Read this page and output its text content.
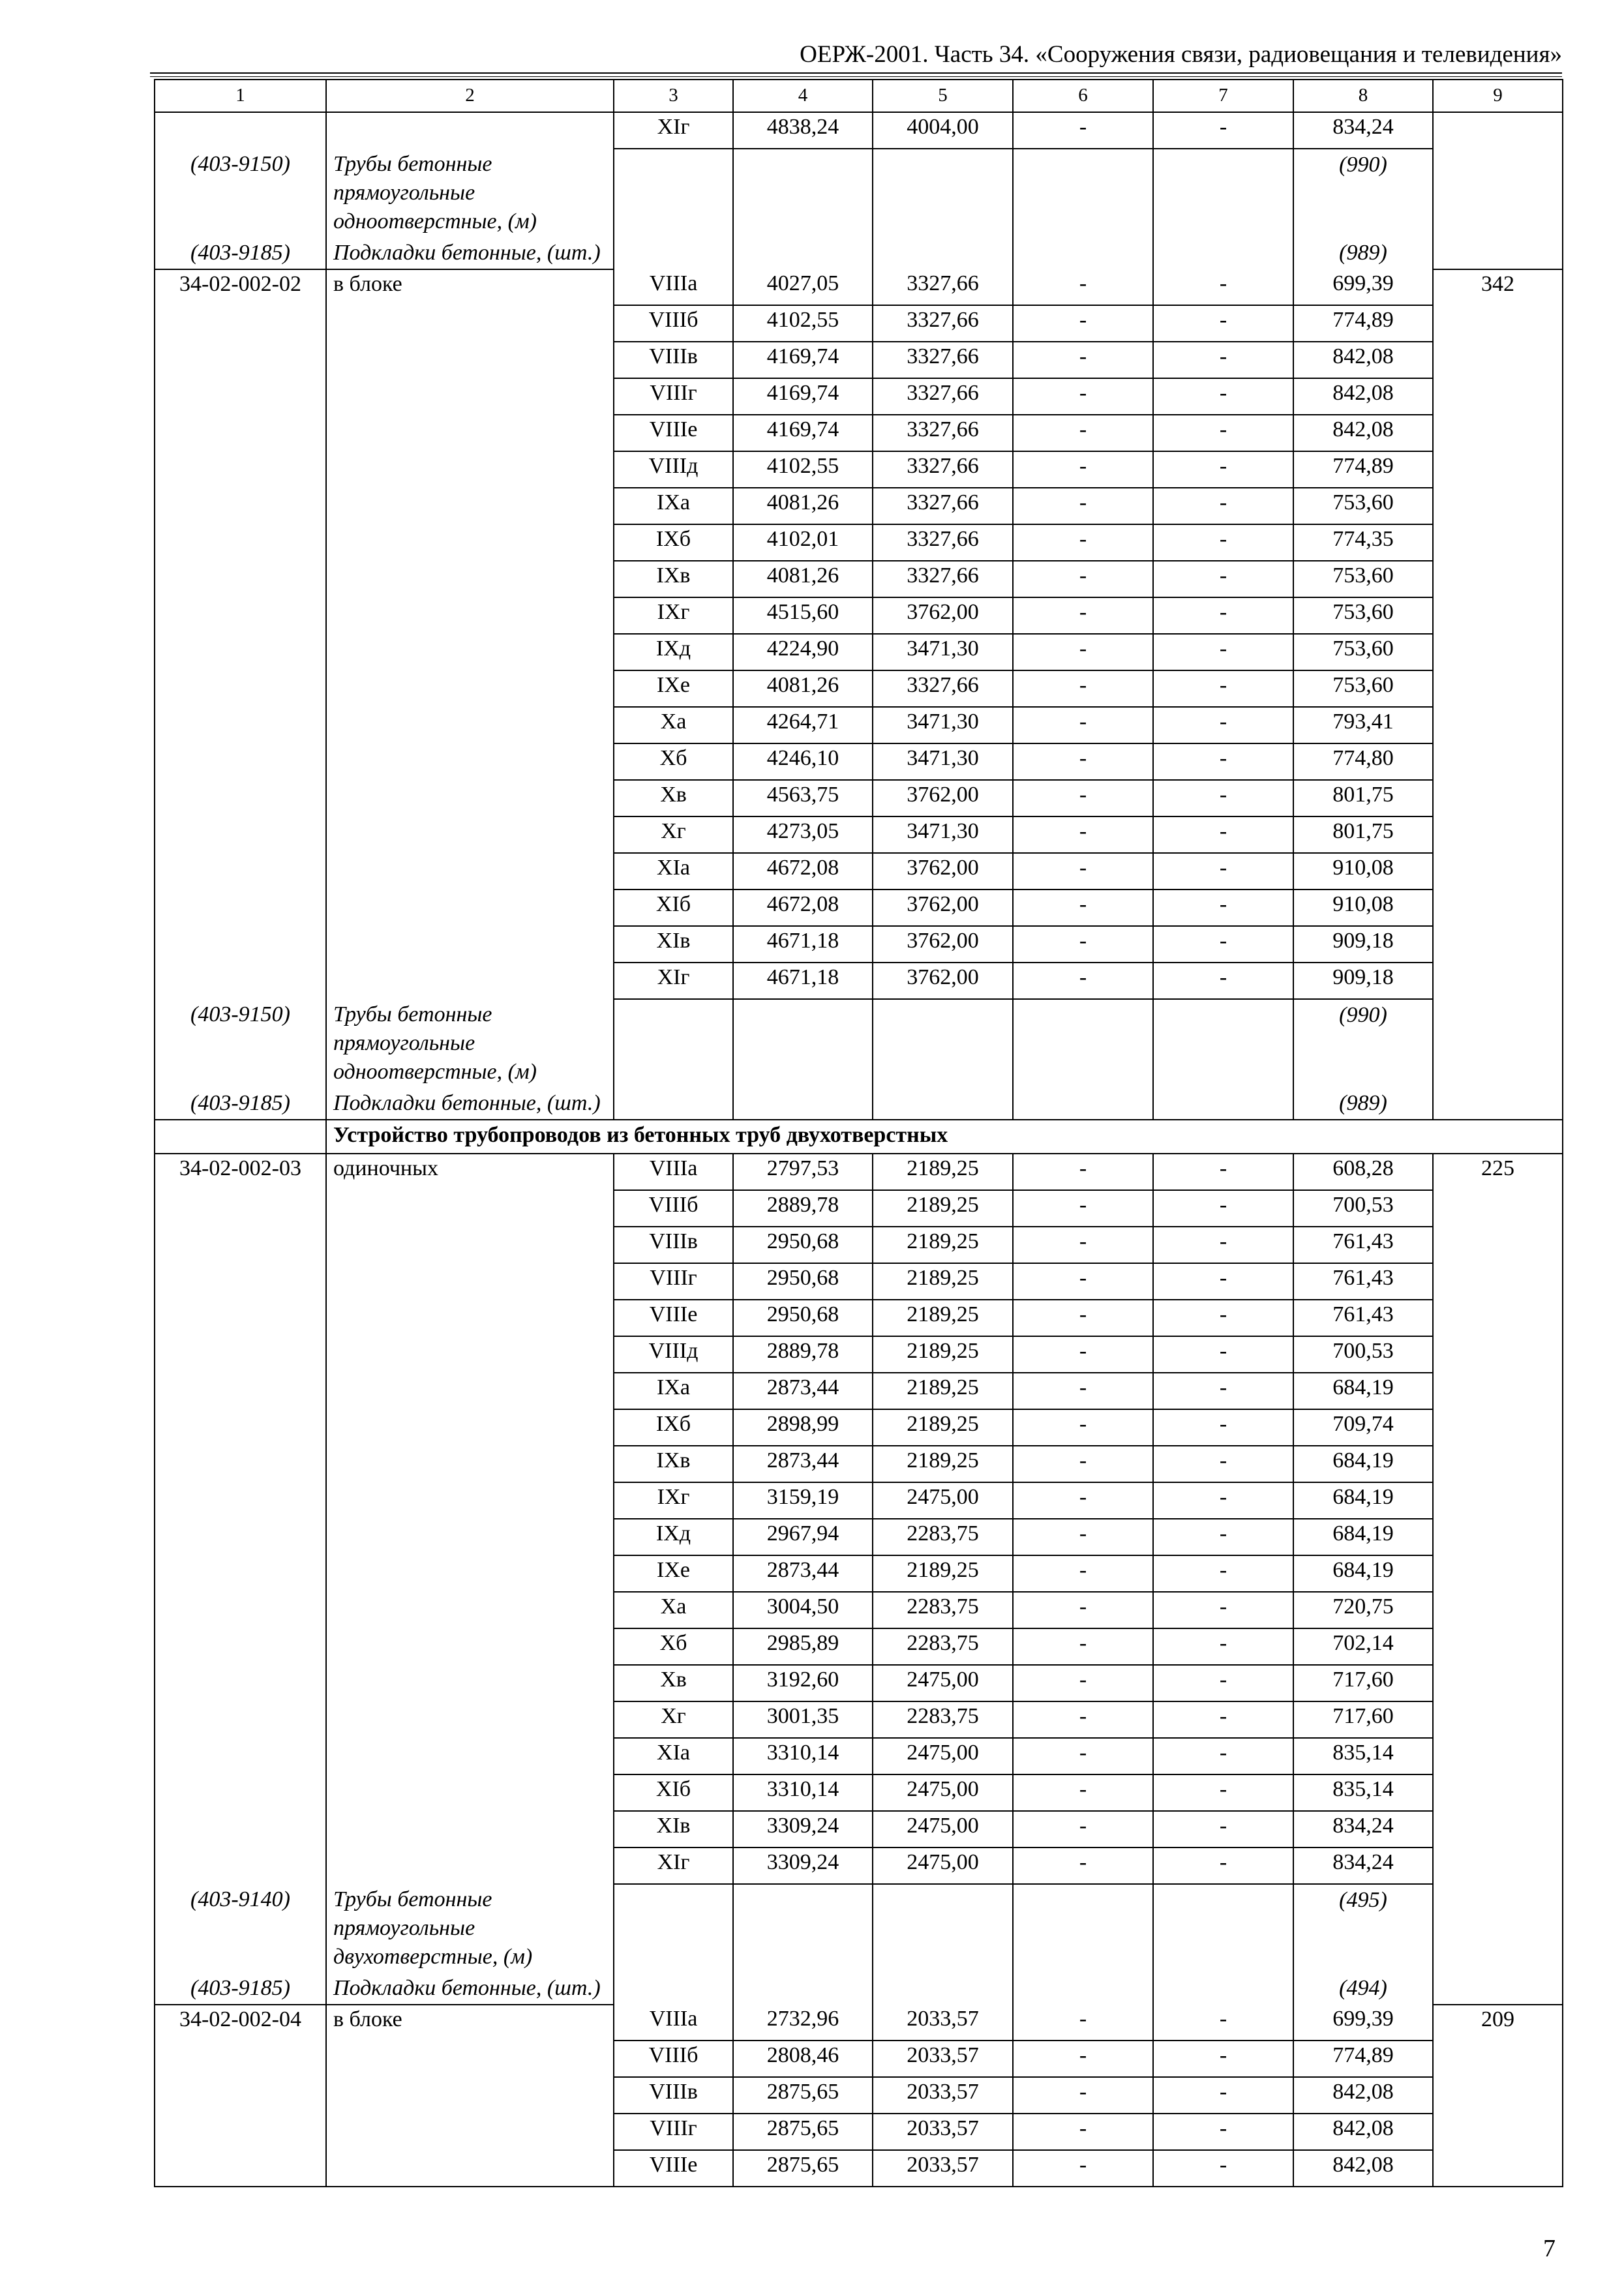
ОЕРЖ-2001. Часть 34. «Сооружения связи, радиовещания и телевидения»
1	2	3	4	5	6	7	8	9
		XIг	4838,24	4004,00	-	-	834,24	
(403-9150)	Трубы бетонные прямоугольные одноотверстные, (м)						(990)	
(403-9185)	Подкладки бетонные, (шт.)						(989)	
34-02-002-02	в блоке	VIIIа	4027,05	3327,66	-	-	699,39	342
		VIIIб	4102,55	3327,66	-	-	774,89	
		VIIIв	4169,74	3327,66	-	-	842,08	
		VIIIг	4169,74	3327,66	-	-	842,08	
		VIIIе	4169,74	3327,66	-	-	842,08	
		VIIIд	4102,55	3327,66	-	-	774,89	
		IXа	4081,26	3327,66	-	-	753,60	
		IXб	4102,01	3327,66	-	-	774,35	
		IXв	4081,26	3327,66	-	-	753,60	
		IXг	4515,60	3762,00	-	-	753,60	
		IXд	4224,90	3471,30	-	-	753,60	
		IXе	4081,26	3327,66	-	-	753,60	
		Xа	4264,71	3471,30	-	-	793,41	
		Xб	4246,10	3471,30	-	-	774,80	
		Xв	4563,75	3762,00	-	-	801,75	
		Xг	4273,05	3471,30	-	-	801,75	
		XIа	4672,08	3762,00	-	-	910,08	
		XIб	4672,08	3762,00	-	-	910,08	
		XIв	4671,18	3762,00	-	-	909,18	
		XIг	4671,18	3762,00	-	-	909,18	
(403-9150)	Трубы бетонные прямоугольные одноотверстные, (м)						(990)	
(403-9185)	Подкладки бетонные, (шт.)						(989)	
	Устройство трубопроводов из бетонных труб двухотверстных							
34-02-002-03	одиночных	VIIIа	2797,53	2189,25	-	-	608,28	225
		VIIIб	2889,78	2189,25	-	-	700,53	
		VIIIв	2950,68	2189,25	-	-	761,43	
		VIIIг	2950,68	2189,25	-	-	761,43	
		VIIIе	2950,68	2189,25	-	-	761,43	
		VIIIд	2889,78	2189,25	-	-	700,53	
		IXа	2873,44	2189,25	-	-	684,19	
		IXб	2898,99	2189,25	-	-	709,74	
		IXв	2873,44	2189,25	-	-	684,19	
		IXг	3159,19	2475,00	-	-	684,19	
		IXд	2967,94	2283,75	-	-	684,19	
		IXе	2873,44	2189,25	-	-	684,19	
		Xа	3004,50	2283,75	-	-	720,75	
		Xб	2985,89	2283,75	-	-	702,14	
		Xв	3192,60	2475,00	-	-	717,60	
		Xг	3001,35	2283,75	-	-	717,60	
		XIа	3310,14	2475,00	-	-	835,14	
		XIб	3310,14	2475,00	-	-	835,14	
		XIв	3309,24	2475,00	-	-	834,24	
		XIг	3309,24	2475,00	-	-	834,24	
(403-9140)	Трубы бетонные прямоугольные двухотверстные, (м)						(495)	
(403-9185)	Подкладки бетонные, (шт.)						(494)	
34-02-002-04	в блоке	VIIIа	2732,96	2033,57	-	-	699,39	209
		VIIIб	2808,46	2033,57	-	-	774,89	
		VIIIв	2875,65	2033,57	-	-	842,08	
		VIIIг	2875,65	2033,57	-	-	842,08	
		VIIIе	2875,65	2033,57	-	-	842,08	
7
